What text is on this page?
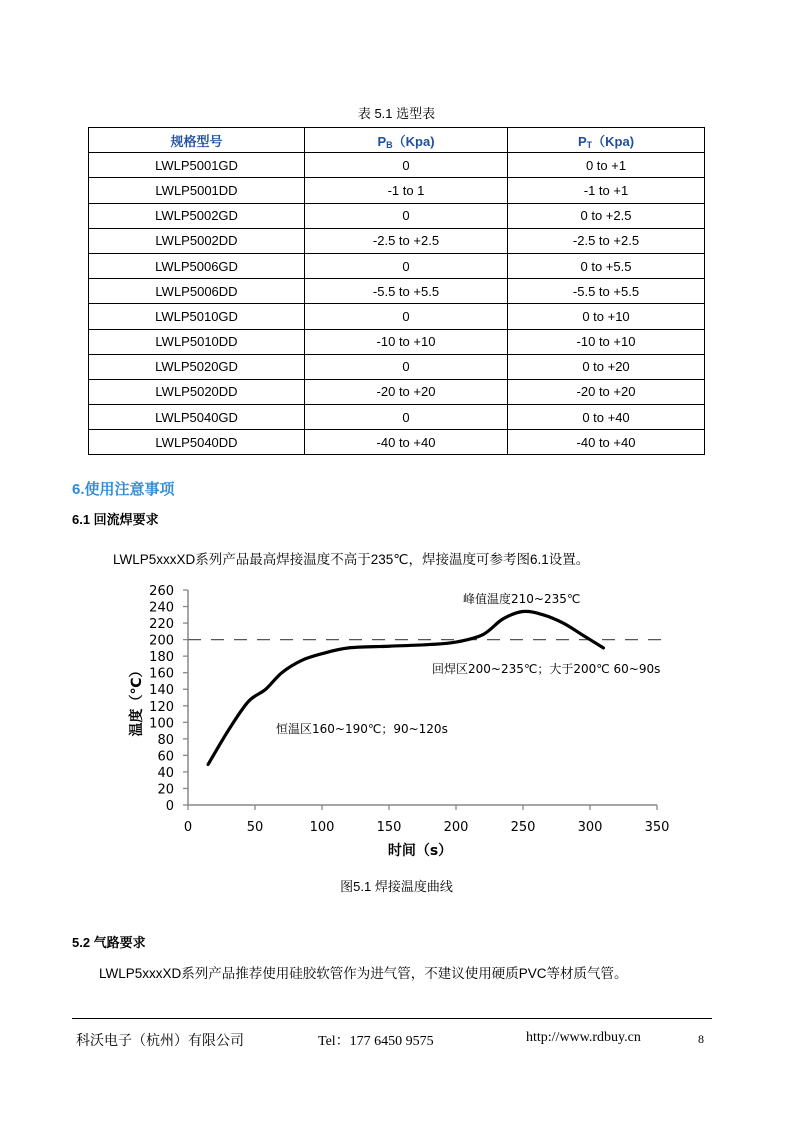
表 5.1 选型表
规格型号	$P_B(Kpa)$	$P_T(Kpa)$
LWLP5001GD	0	0 to +1
LWLP5001DD	-1 to 1	-1 to +1
LWLP5002GD	0	0 to +2.5
LWLP5002DD	-2.5 to +2.5	-2.5 to +2.5
LWLP5006GD	0	0 to +5.5
LWLP5006DD	-5.5 to +5.5	-5.5 to +5.5
LWLP5010GD	0	0 to +10
LWLP5010DD	-10 to +10	-10 to +10
LWLP5020GD	0	0 to +20
LWLP5020DD	-20 to +20	-20 to +20
LWLP5040GD	0	0 to +40
LWLP5040DD	-40 to +40	-40 to +40
6.使用注意事项
6.1 回流焊要求
LWLP5xxxXD系列产品最高焊接温度不高于235℃，焊接温度可参考图6.1设置。
0
20
40
60
80
100
120
140
160
180
200
220
240
260
0	50	100	150	200	250	300	350
峰值温度210~235℃
回焊区200~235℃；大于200℃ 60~90s
恒温区160~190℃；90~120s
时间（s）
温度（℃）
图5.1 焊接温度曲线
5.2 气路要求
LWLP5xxxXD系列产品推荐使用硅胶软管作为进气管，不建议使用硬质PVC等材质气管。
科沃电子（杭州）有限公司	Tel：177 6450 9575	http://www.rdbuy.cn	8
